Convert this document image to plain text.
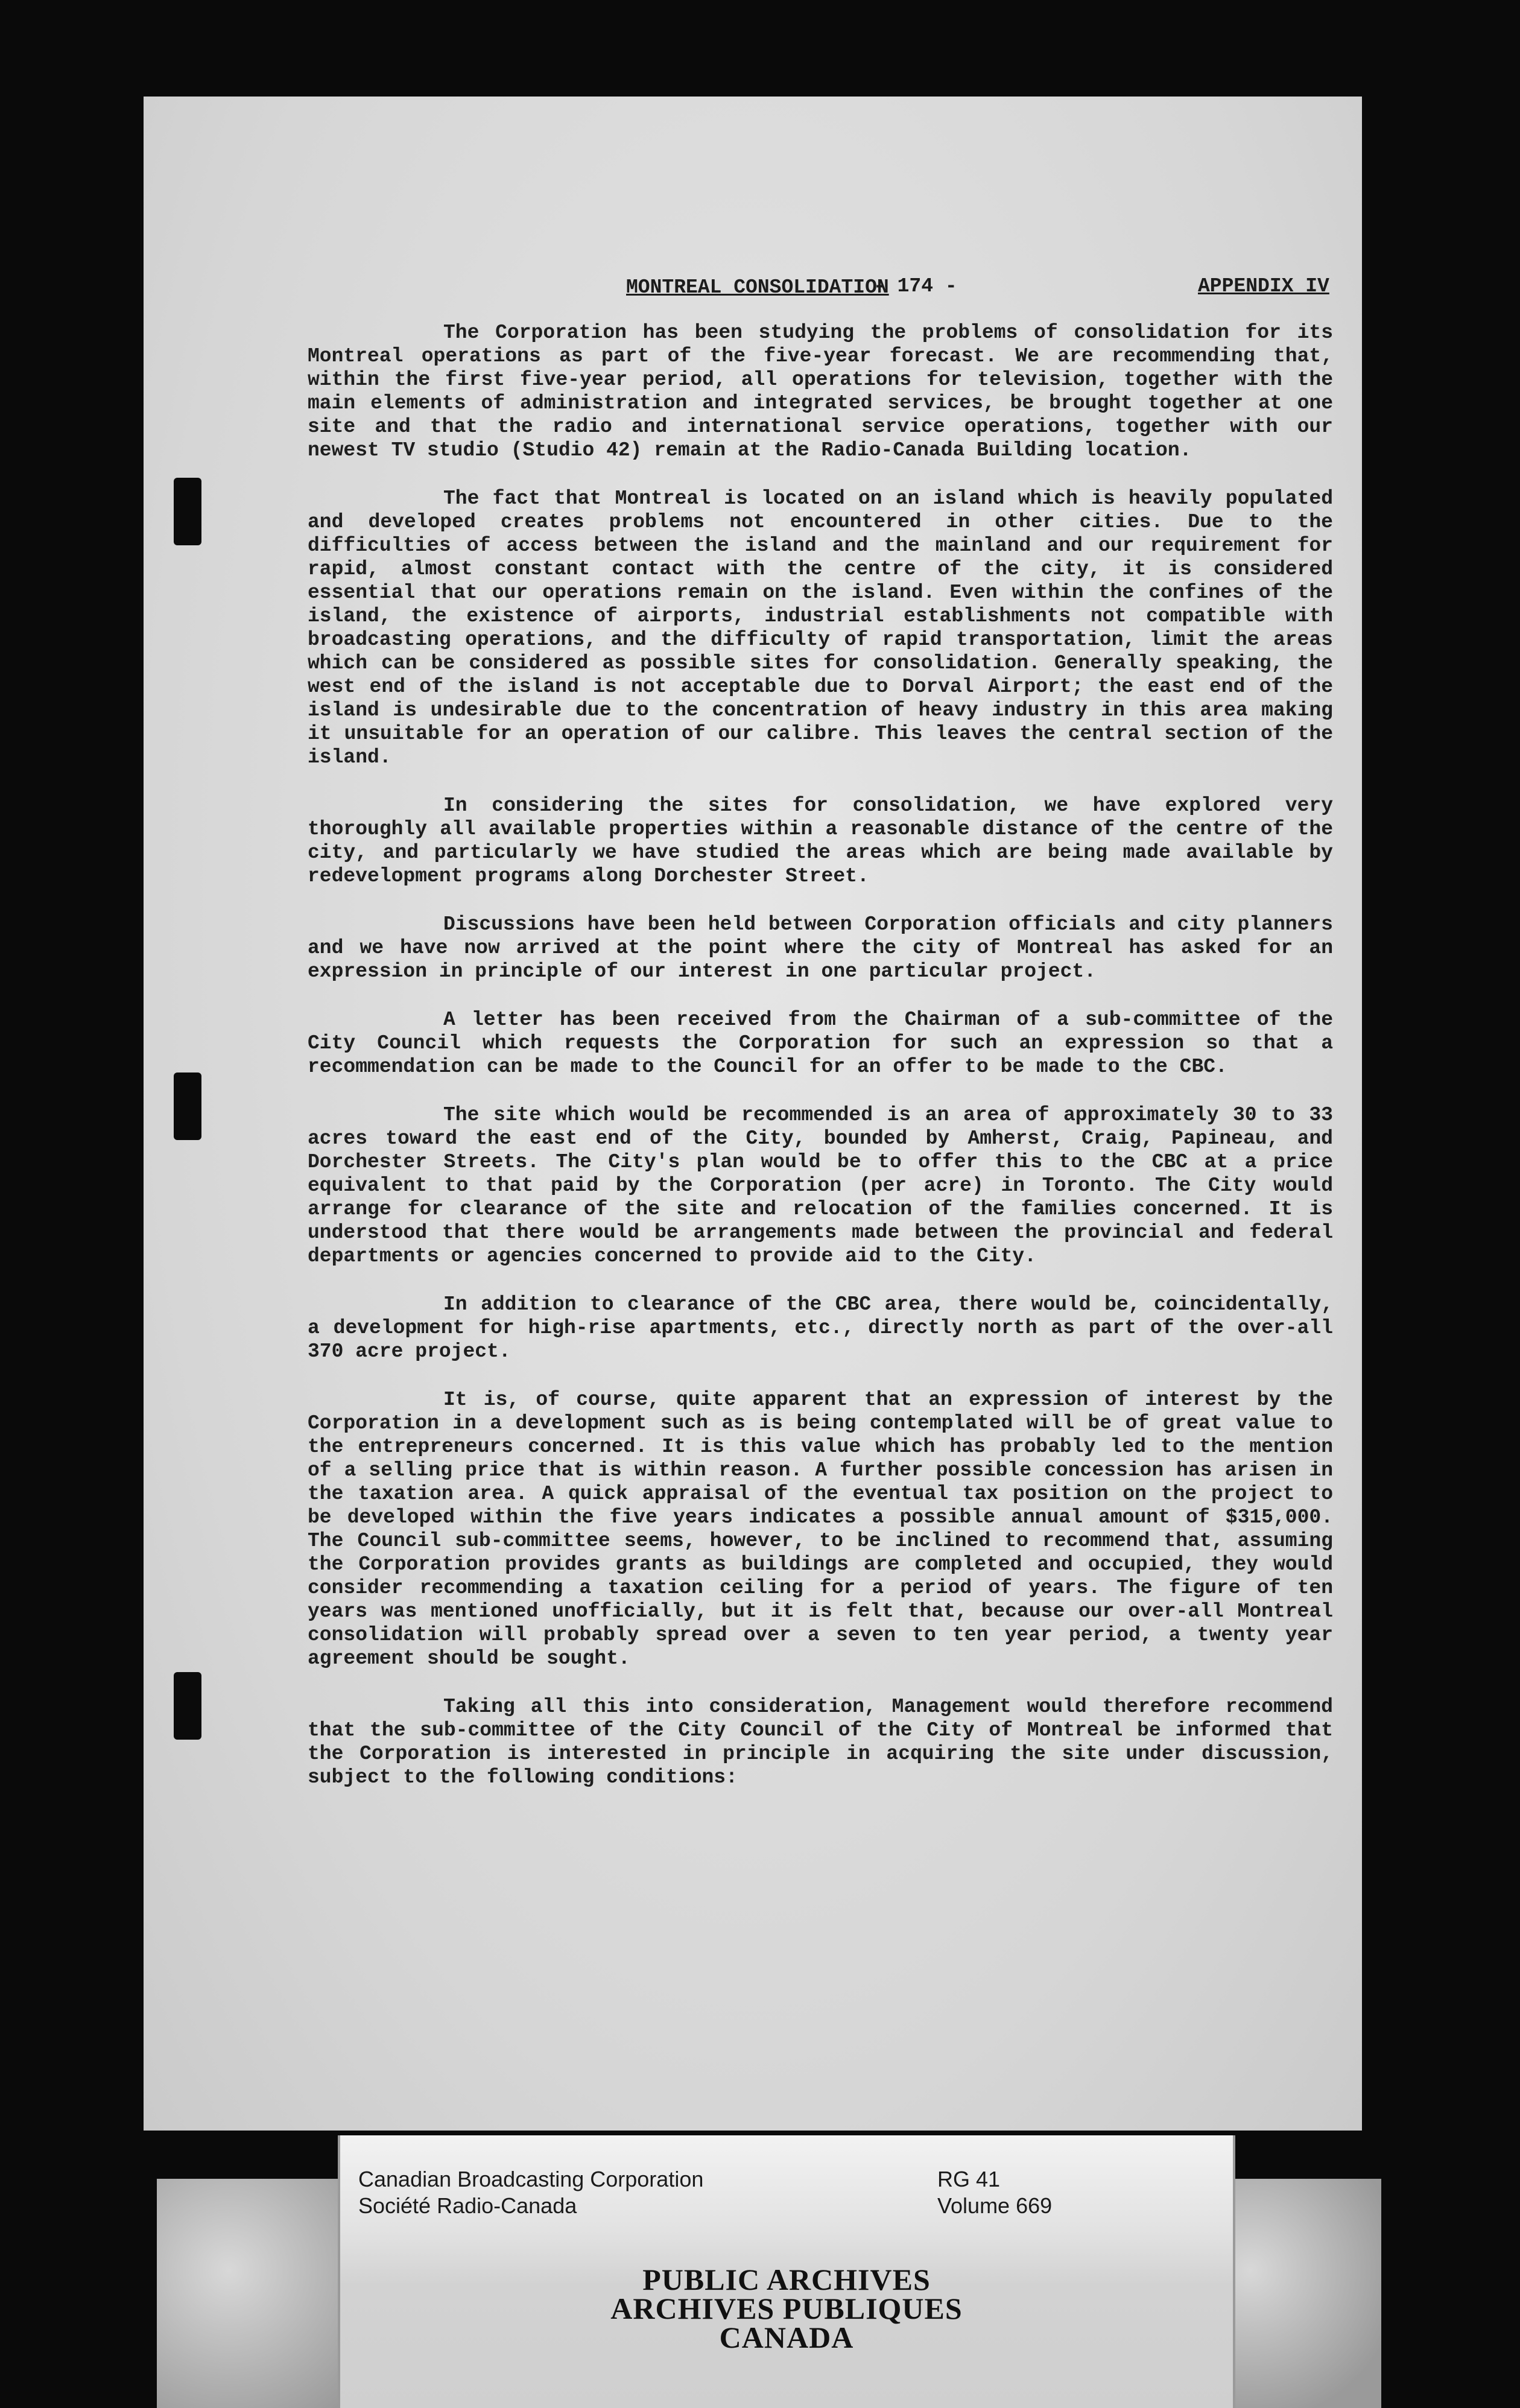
- 174 -	APPENDIX IV
MONTREAL CONSOLIDATION

The Corporation has been studying the problems of consolidation for its Montreal operations as part of the five-year forecast. We are recommending that, within the first five-year period, all operations for television, together with the main elements of administration and integrated services, be brought together at one site and that the radio and international service operations, together with our newest TV studio (Studio 42) remain at the Radio-Canada Building location.

The fact that Montreal is located on an island which is heavily populated and developed creates problems not encountered in other cities. Due to the difficulties of access between the island and the mainland and our requirement for rapid, almost constant contact with the centre of the city, it is considered essential that our operations remain on the island. Even within the confines of the island, the existence of airports, industrial establishments not compatible with broadcasting operations, and the difficulty of rapid transportation, limit the areas which can be considered as possible sites for consolidation. Generally speaking, the west end of the island is not acceptable due to Dorval Airport; the east end of the island is undesirable due to the concentration of heavy industry in this area making it unsuitable for an operation of our calibre. This leaves the central section of the island.

In considering the sites for consolidation, we have explored very thoroughly all available properties within a reasonable distance of the centre of the city, and particularly we have studied the areas which are being made available by redevelopment programs along Dorchester Street.

Discussions have been held between Corporation officials and city planners and we have now arrived at the point where the city of Montreal has asked for an expression in principle of our interest in one particular project.

A letter has been received from the Chairman of a sub-committee of the City Council which requests the Corporation for such an expression so that a recommendation can be made to the Council for an offer to be made to the CBC.

The site which would be recommended is an area of approximately 30 to 33 acres toward the east end of the City, bounded by Amherst, Craig, Papineau, and Dorchester Streets. The City's plan would be to offer this to the CBC at a price equivalent to that paid by the Corporation (per acre) in Toronto. The City would arrange for clearance of the site and relocation of the families concerned. It is understood that there would be arrangements made between the provincial and federal departments or agencies concerned to provide aid to the City.

In addition to clearance of the CBC area, there would be, coincidentally, a development for high-rise apartments, etc., directly north as part of the over-all 370 acre project.

It is, of course, quite apparent that an expression of interest by the Corporation in a development such as is being contemplated will be of great value to the entrepreneurs concerned. It is this value which has probably led to the mention of a selling price that is within reason. A further possible concession has arisen in the taxation area. A quick appraisal of the eventual tax position on the project to be developed within the five years indicates a possible annual amount of $315,000. The Council sub-committee seems, however, to be inclined to recommend that, assuming the Corporation provides grants as buildings are completed and occupied, they would consider recommending a taxation ceiling for a period of years. The figure of ten years was mentioned unofficially, but it is felt that, because our over-all Montreal consolidation will probably spread over a seven to ten year period, a twenty year agreement should be sought.

Taking all this into consideration, Management would therefore recommend that the sub-committee of the City Council of the City of Montreal be informed that the Corporation is interested in principle in acquiring the site under discussion, subject to the following conditions:

Canadian Broadcasting Corporation
Société Radio-Canada
RG 41
Volume 669
PUBLIC ARCHIVES
ARCHIVES PUBLIQUES
CANADA
